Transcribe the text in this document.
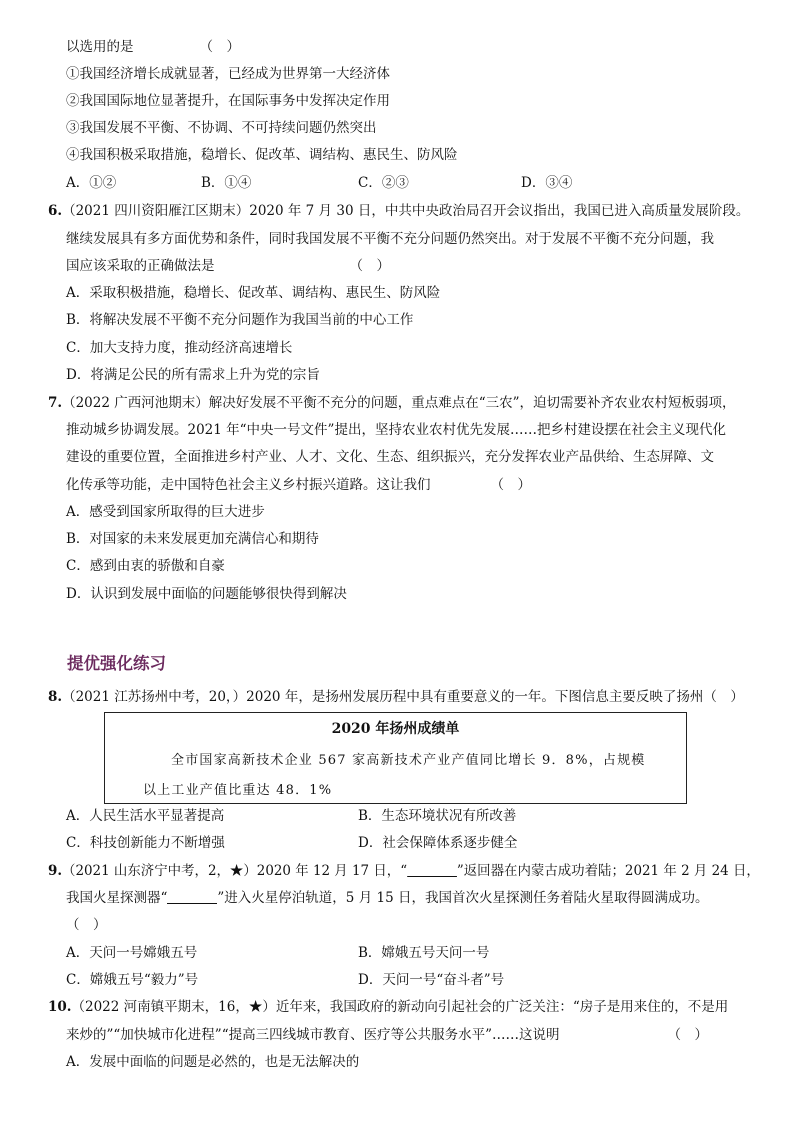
以选用的是	（　）
①我国经济增长成就显著，已经成为世界第一大经济体
②我国国际地位显著提升，在国际事务中发挥决定作用
③我国发展不平衡、不协调、不可持续问题仍然突出
④我国积极采取措施，稳增长、促改革、调结构、惠民生、防风险
A．①②	B．①④	C．②③	D．③④
6.（2021 四川资阳雁江区期末）2020 年 7 月 30 日，中共中央政治局召开会议指出，我国已进入高质量发展阶段。
继续发展具有多方面优势和条件，同时我国发展不平衡不充分问题仍然突出。对于发展不平衡不充分问题，我
国应该采取的正确做法是	（　）
A．采取积极措施，稳增长、促改革、调结构、惠民生、防风险
B．将解决发展不平衡不充分问题作为我国当前的中心工作
C．加大支持力度，推动经济高速增长
D．将满足公民的所有需求上升为党的宗旨
7.（2022 广西河池期末）解决好发展不平衡不充分的问题，重点难点在“三农”，迫切需要补齐农业农村短板弱项，
推动城乡协调发展。2021 年“中央一号文件”提出，坚持农业农村优先发展……把乡村建设摆在社会主义现代化
建设的重要位置，全面推进乡村产业、人才、文化、生态、组织振兴，充分发挥农业产品供给、生态屏障、文
化传承等功能，走中国特色社会主义乡村振兴道路。这让我们	（　）
A．感受到国家所取得的巨大进步
B．对国家的未来发展更加充满信心和期待
C．感到由衷的骄傲和自豪
D．认识到发展中面临的问题能够很快得到解决
提优强化练习
8.（2021 江苏扬州中考，20，）2020 年，是扬州发展历程中具有重要意义的一年。下图信息主要反映了扬州（　）
2020 年扬州成绩单
全市国家高新技术企业 567 家高新技术产业产值同比增长 9．8%，占规模
以上工业产值比重达 48．1%
A．人民生活水平显著提高	B．生态环境状况有所改善
C．科技创新能力不断增强	D．社会保障体系逐步健全
9.（2021 山东济宁中考，2，★）2020 年 12 月 17 日，“	”返回器在内蒙古成功着陆；2021 年 2 月 24 日，
我国火星探测器“	”进入火星停泊轨道，5 月 15 日，我国首次火星探测任务着陆火星取得圆满成功。
（　）
A．天问一号嫦娥五号	B．嫦娥五号天问一号
C．嫦娥五号“毅力”号	D．天问一号“奋斗者”号
10.（2022 河南镇平期末，16，★）近年来，我国政府的新动向引起社会的广泛关注：“房子是用来住的，不是用
来炒的”“加快城市化进程”“提高三四线城市教育、医疗等公共服务水平”……这说明	（　）
A．发展中面临的问题是必然的，也是无法解决的
